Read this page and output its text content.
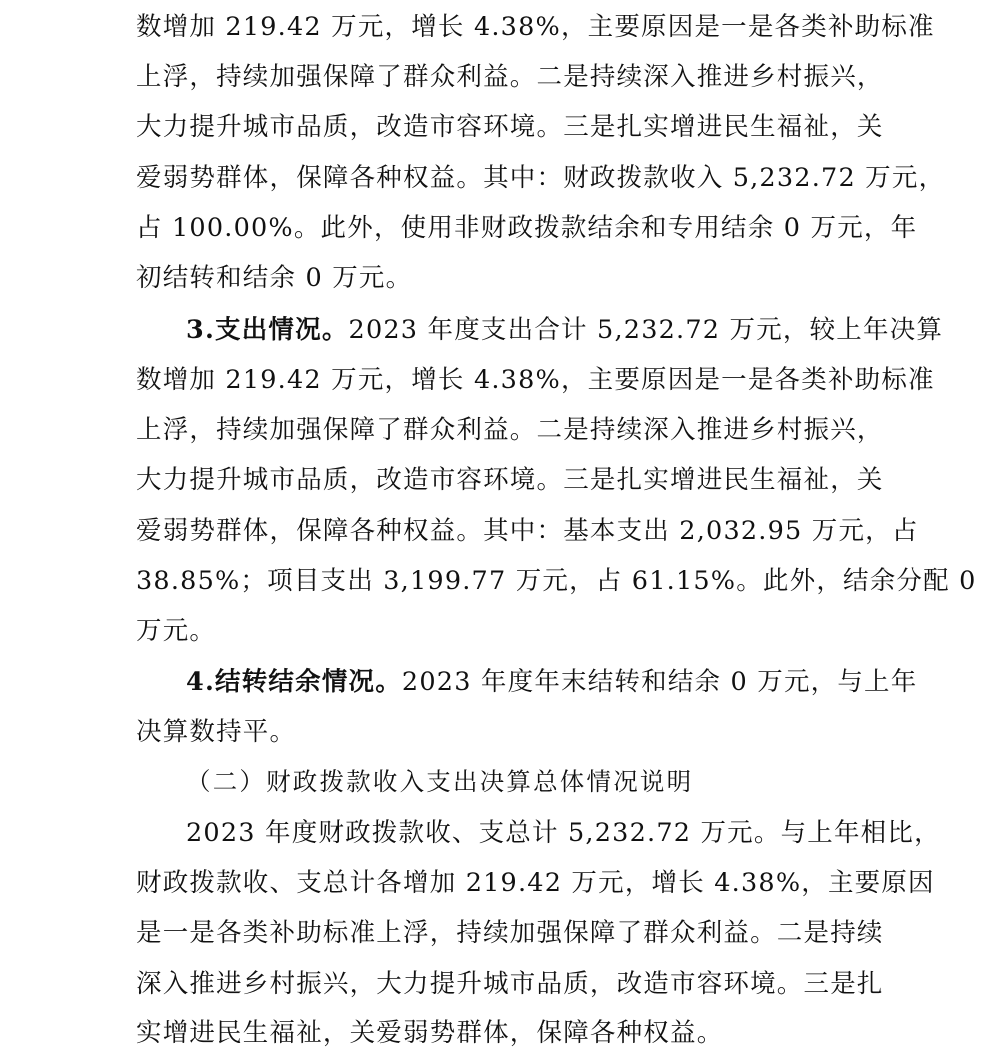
数增加 219.42 万元，增长 4.38%，主要原因是一是各类补助标准
上浮，持续加强保障了群众利益。二是持续深入推进乡村振兴，
大力提升城市品质，改造市容环境。三是扎实增进民生福祉，关
爱弱势群体，保障各种权益。其中：财政拨款收入 5,232.72 万元，
占 100.00%。此外，使用非财政拨款结余和专用结余 0 万元，年
初结转和结余 0 万元。
3.支出情况。2023 年度支出合计 5,232.72 万元，较上年决算
数增加 219.42 万元，增长 4.38%，主要原因是一是各类补助标准
上浮，持续加强保障了群众利益。二是持续深入推进乡村振兴，
大力提升城市品质，改造市容环境。三是扎实增进民生福祉，关
爱弱势群体，保障各种权益。其中：基本支出 2,032.95 万元，占
38.85%；项目支出 3,199.77 万元，占 61.15%。此外，结余分配 0
万元。
4.结转结余情况。2023 年度年末结转和结余 0 万元，与上年
决算数持平。
（二）财政拨款收入支出决算总体情况说明
2023 年度财政拨款收、支总计 5,232.72 万元。与上年相比，
财政拨款收、支总计各增加 219.42 万元，增长 4.38%，主要原因
是一是各类补助标准上浮，持续加强保障了群众利益。二是持续
深入推进乡村振兴，大力提升城市品质，改造市容环境。三是扎
实增进民生福祉，关爱弱势群体，保障各种权益。
